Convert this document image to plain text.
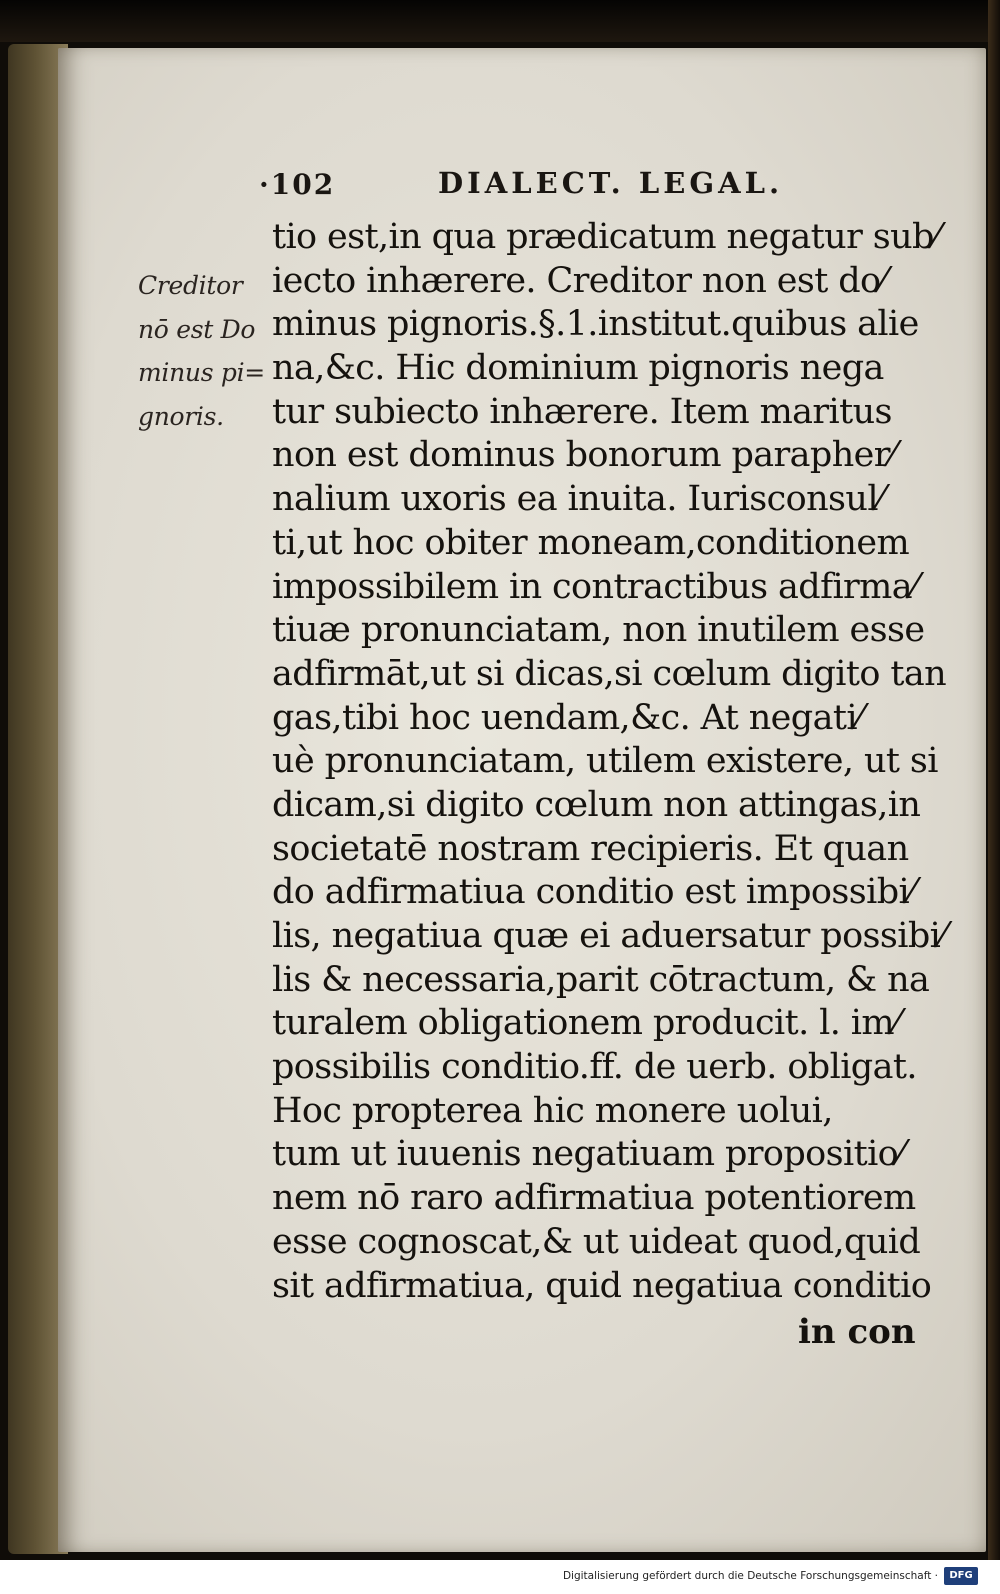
·102	DIALECT. LEGAL.
Creditor
nō est Do
minus pi=
gnoris.
tio est,in qua prædicatum negatur sub⁄
iecto inhærere. Creditor non est do⁄
minus pignoris.§.1.institut.quibus alie
na,&c. Hic dominium pignoris nega
tur subiecto inhærere. Item maritus
non est dominus bonorum parapher⁄
nalium uxoris ea inuita. Iurisconsul⁄
ti,ut hoc obiter moneam,conditionem
impossibilem in contractibus adfirma⁄
tiuæ pronunciatam, non inutilem esse
adfirmāt,ut si dicas,si cœlum digito tan
gas,tibi hoc uendam,&c. At negati⁄
uè pronunciatam, utilem existere, ut si
dicam,si digito cœlum non attingas,in
societatē nostram recipieris. Et quan
do adfirmatiua conditio est impossibi⁄
lis, negatiua quæ ei aduersatur possibi⁄
lis & necessaria,parit cōtractum, & na
turalem obligationem producit. l. im⁄
possibilis conditio.ff. de uerb. obligat.
Hoc propterea hic monere uolui,
tum ut iuuenis negatiuam propositio⁄
nem nō raro adfirmatiua potentiorem
esse cognoscat,& ut uideat quod,quid
sit adfirmatiua, quid negatiua conditio
in con
Digitalisierung gefördert durch die Deutsche Forschungsgemeinschaft ·	DFG
